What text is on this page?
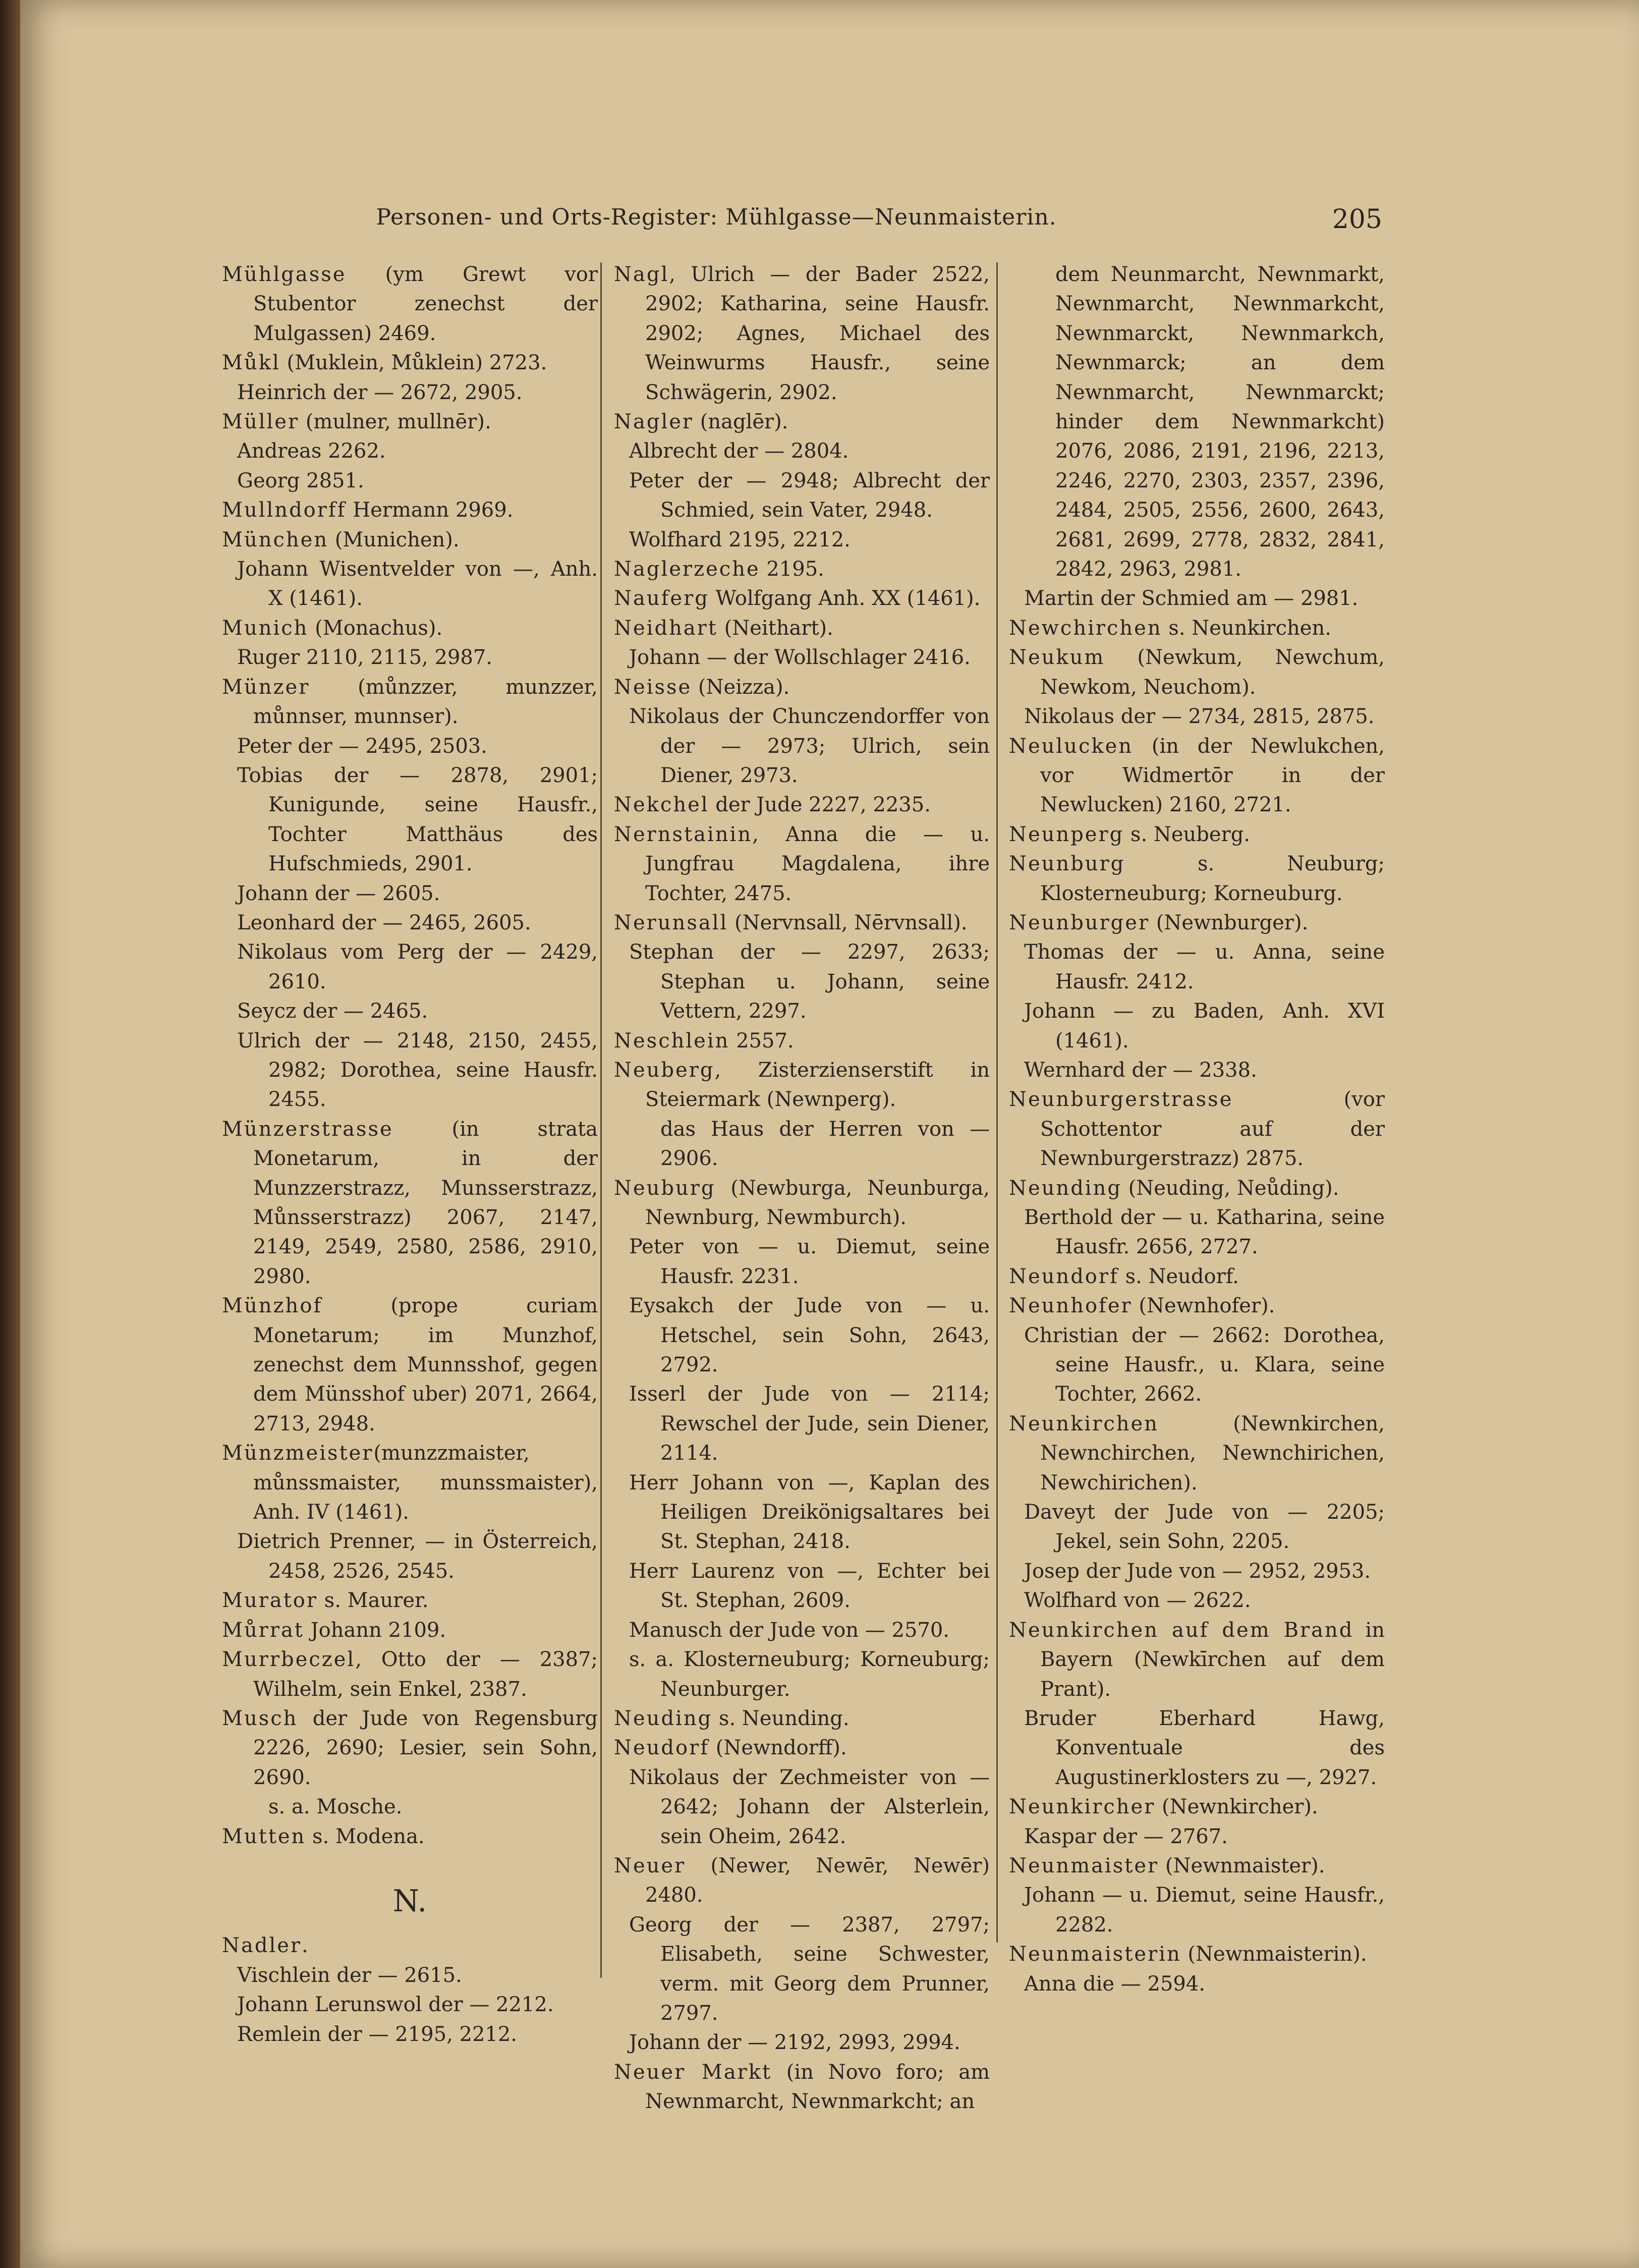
Personen- und Orts-Register: Mühlgasse—Neunmaisterin.	205

Mühlgasse (ym Grewt vor Stubentor zenechst der Mulgassen) 2469.

Můkl (Muklein, Můklein) 2723.

Heinrich der — 2672, 2905.

Müller (mulner, mullnēr).

Andreas 2262.

Georg 2851.

Mullndorff Hermann 2969.

München (Munichen).

Johann Wisentvelder von —, Anh. X (1461).

Munich (Monachus).

Ruger 2110, 2115, 2987.

Münzer (můnzzer, munzzer, můnnser, munnser).

Peter der — 2495, 2503.

Tobias der — 2878, 2901; Kunigunde, seine Hausfr., Tochter Matthäus des Hufschmieds, 2901.

Johann der — 2605.

Leonhard der — 2465, 2605.

Nikolaus vom Perg der — 2429, 2610.

Seycz der — 2465.

Ulrich der — 2148, 2150, 2455, 2982; Dorothea, seine Hausfr. 2455.

Münzerstrasse (in strata Monetarum, in der Munzzerstrazz, Munsserstrazz, Můnsserstrazz) 2067, 2147, 2149, 2549, 2580, 2586, 2910, 2980.

Münzhof (prope curiam Monetarum; im Munzhof, zenechst dem Munnsshof, gegen dem Münsshof uber) 2071, 2664, 2713, 2948.

Münzmeister(munzzmaister, můnssmaister, munssmaister), Anh. IV (1461).

Dietrich Prenner, — in Österreich, 2458, 2526, 2545.

Murator s. Maurer.

Můrrat Johann 2109.

Murrbeczel, Otto der — 2387; Wilhelm, sein Enkel, 2387.

Musch der Jude von Regensburg 2226, 2690; Lesier, sein Sohn, 2690.

s. a. Mosche.

Mutten s. Modena.

N.

Nadler.

Vischlein der — 2615.

Johann Lerunswol der — 2212.

Remlein der — 2195, 2212.

Nagl, Ulrich — der Bader 2522, 2902; Katharina, seine Hausfr. 2902; Agnes, Michael des Weinwurms Hausfr., seine Schwägerin, 2902.

Nagler (naglēr).

Albrecht der — 2804.

Peter der — 2948; Albrecht der Schmied, sein Vater, 2948.

Wolfhard 2195, 2212.

Naglerzeche 2195.

Nauferg Wolfgang Anh. XX (1461).

Neidhart (Neithart).

Johann — der Wollschlager 2416.

Neisse (Neizza).

Nikolaus der Chunczendorffer von der — 2973; Ulrich, sein Diener, 2973.

Nekchel der Jude 2227, 2235.

Nernstainin, Anna die — u. Jungfrau Magdalena, ihre Tochter, 2475.

Nerunsall (Nervnsall, Nērvnsall).

Stephan der — 2297, 2633; Stephan u. Johann, seine Vettern, 2297.

Neschlein 2557.

Neuberg, Zisterzienserstift in Steiermark (Newnperg).

das Haus der Herren von — 2906.

Neuburg (Newburga, Neunburga, Newnburg, Newmburch).

Peter von — u. Diemut, seine Hausfr. 2231.

Eysakch der Jude von — u. Hetschel, sein Sohn, 2643, 2792.

Isserl der Jude von — 2114; Rewschel der Jude, sein Diener, 2114.

Herr Johann von —, Kaplan des Heiligen Dreikönigsaltares bei St. Stephan, 2418.

Herr Laurenz von —, Echter bei St. Stephan, 2609.

Manusch der Jude von — 2570.

s. a. Klosterneuburg; Korneuburg; Neunburger.

Neuding s. Neunding.

Neudorf (Newndorff).

Nikolaus der Zechmeister von — 2642; Johann der Alsterlein, sein Oheim, 2642.

Neuer (Newer, Newēr, Newēr) 2480.

Georg der — 2387, 2797; Elisabeth, seine Schwester, verm. mit Georg dem Prunner, 2797.

Johann der — 2192, 2993, 2994.

Neuer Markt (in Novo foro; am Newnmarcht, Newnmarkcht; an

dem Neunmarcht, Newnmarkt, Newnmarcht, Newnmarkcht, Newnmarckt, Newnmarkch, Newnmarck; an dem Newnmarcht, Newnmarckt; hinder dem Newnmarkcht) 2076, 2086, 2191, 2196, 2213, 2246, 2270, 2303, 2357, 2396, 2484, 2505, 2556, 2600, 2643, 2681, 2699, 2778, 2832, 2841, 2842, 2963, 2981.

Martin der Schmied am — 2981.

Newchirchen s. Neunkirchen.

Neukum (Newkum, Newchum, Newkom, Neuchom).

Nikolaus der — 2734, 2815, 2875.

Neulucken (in der Newlukchen, vor Widmertōr in der Newlucken) 2160, 2721.

Neunperg s. Neuberg.

Neunburg s. Neuburg; Klosterneuburg; Korneuburg.

Neunburger (Newnburger).

Thomas der — u. Anna, seine Hausfr. 2412.

Johann — zu Baden, Anh. XVI (1461).

Wernhard der — 2338.

Neunburgerstrasse (vor Schottentor auf der Newnburgerstrazz) 2875.

Neunding (Neuding, Neůding).

Berthold der — u. Katharina, seine Hausfr. 2656, 2727.

Neundorf s. Neudorf.

Neunhofer (Newnhofer).

Christian der — 2662: Dorothea, seine Hausfr., u. Klara, seine Tochter, 2662.

Neunkirchen (Newnkirchen, Newnchirchen, Newnchirichen, Newchirichen).

Daveyt der Jude von — 2205; Jekel, sein Sohn, 2205.

Josep der Jude von — 2952, 2953.

Wolfhard von — 2622.

Neunkirchen auf dem Brand in Bayern (Newkīrchen auf dem Prant).

Bruder Eberhard Hawg, Konventuale des Augustinerklosters zu —, 2927.

Neunkircher (Newnkircher).

Kaspar der — 2767.

Neunmaister (Newnmaister).

Johann — u. Diemut, seine Hausfr., 2282.

Neunmaisterin (Newnmaisterin).

Anna die — 2594.
